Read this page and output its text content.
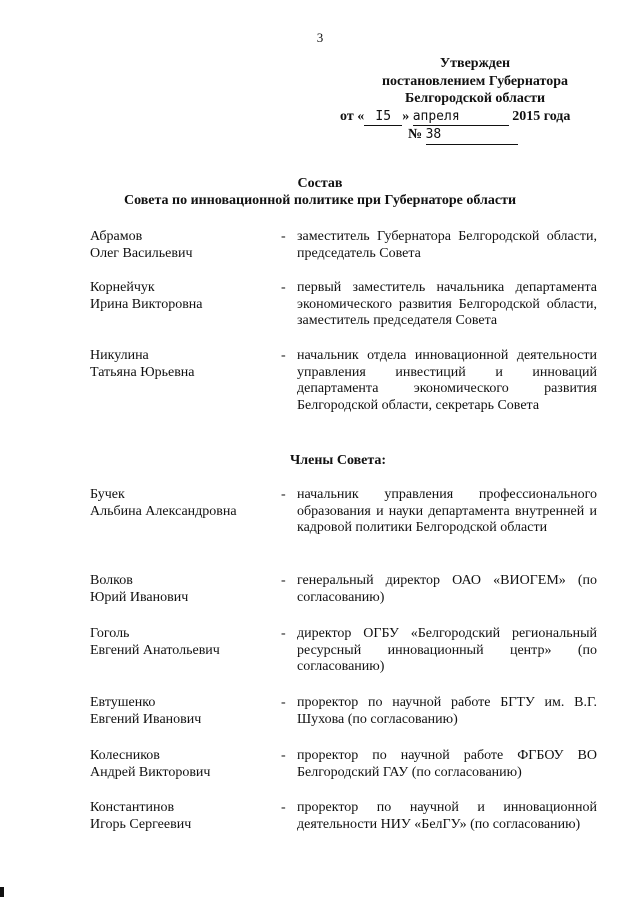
3
Утвержден
постановлением Губернатора
Белгородской области
от « I5 » апреля	2015 года
№ 38
Состав
Совета по инновационной политике при Губернаторе области
Абрамов
Олег Васильевич
- заместитель Губернатора Белгородской области, председатель Совета
Корнейчук
Ирина Викторовна
- первый заместитель начальника департамента экономического развития Белгородской области, заместитель председателя Совета
Никулина
Татьяна Юрьевна
- начальник отдела инновационной деятельности управления инвестиций и инноваций департамента экономического развития Белгородской области, секретарь Совета
Члены Совета:
Бучек
Альбина Александровна
- начальник управления профессионального образования и науки департамента внутренней и кадровой политики Белгородской области
Волков
Юрий Иванович
- генеральный директор ОАО «ВИОГЕМ» (по согласованию)
Гоголь
Евгений Анатольевич
- директор ОГБУ «Белгородский региональный ресурсный инновационный центр» (по согласованию)
Евтушенко
Евгений Иванович
- проректор по научной работе БГТУ им. В.Г. Шухова (по согласованию)
Колесников
Андрей Викторович
- проректор по научной работе ФГБОУ ВО Белгородский ГАУ (по согласованию)
Константинов
Игорь Сергеевич
- проректор по научной и инновационной деятельности НИУ «БелГУ» (по согласованию)
